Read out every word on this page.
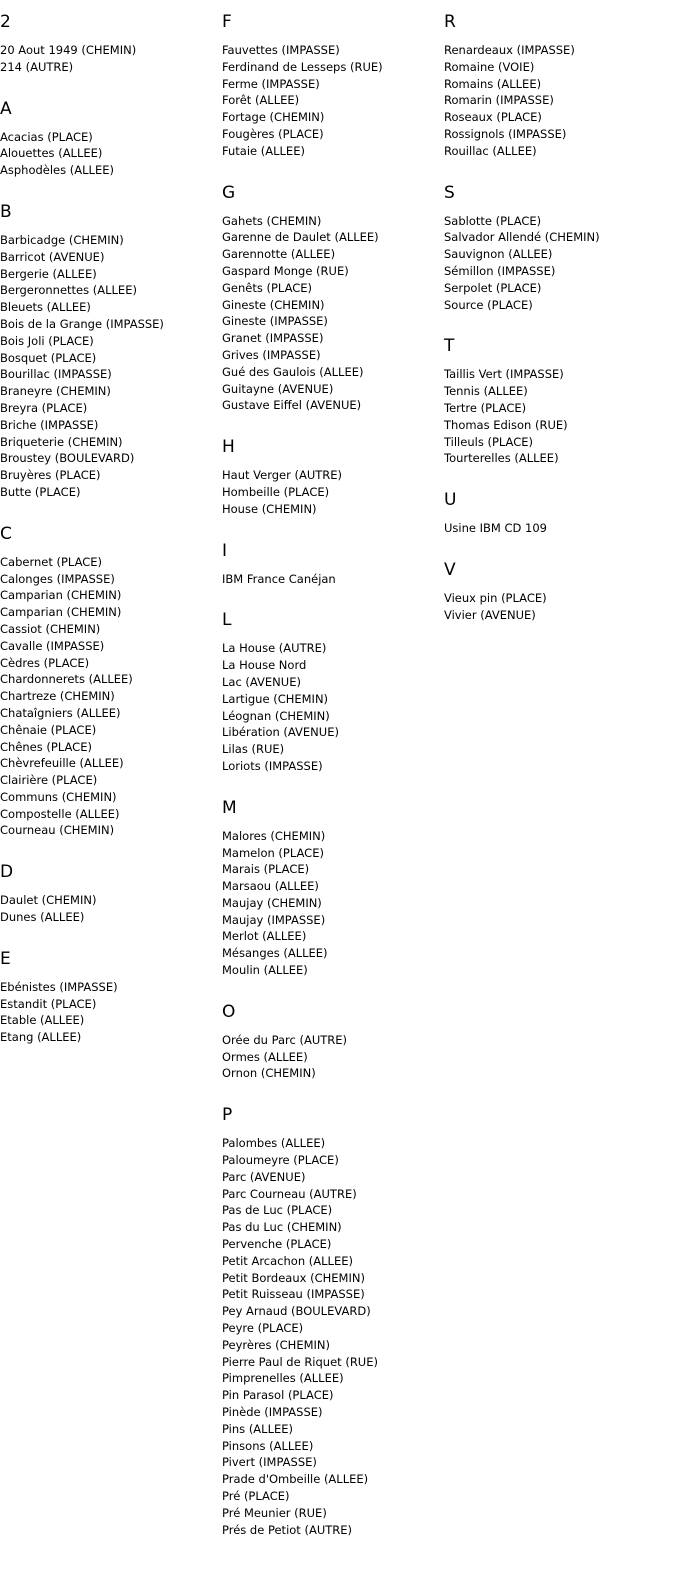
2
20 Aout 1949 (CHEMIN)
214 (AUTRE)
A
Acacias (PLACE)
Alouettes (ALLEE)
Asphodèles (ALLEE)
B
Barbicadge (CHEMIN)
Barricot (AVENUE)
Bergerie (ALLEE)
Bergeronnettes (ALLEE)
Bleuets (ALLEE)
Bois de la Grange (IMPASSE)
Bois Joli (PLACE)
Bosquet (PLACE)
Bourillac (IMPASSE)
Braneyre (CHEMIN)
Breyra (PLACE)
Briche (IMPASSE)
Briqueterie (CHEMIN)
Broustey (BOULEVARD)
Bruyères (PLACE)
Butte (PLACE)
C
Cabernet (PLACE)
Calonges (IMPASSE)
Camparian (CHEMIN)
Camparian (CHEMIN)
Cassiot (CHEMIN)
Cavalle (IMPASSE)
Cèdres (PLACE)
Chardonnerets (ALLEE)
Chartreze (CHEMIN)
Chataîgniers (ALLEE)
Chênaie (PLACE)
Chênes (PLACE)
Chèvrefeuille (ALLEE)
Clairière (PLACE)
Communs (CHEMIN)
Compostelle (ALLEE)
Courneau (CHEMIN)
D
Daulet (CHEMIN)
Dunes (ALLEE)
E
Ebénistes (IMPASSE)
Estandit (PLACE)
Etable (ALLEE)
Etang (ALLEE)
F
Fauvettes (IMPASSE)
Ferdinand de Lesseps (RUE)
Ferme (IMPASSE)
Forêt (ALLEE)
Fortage (CHEMIN)
Fougères (PLACE)
Futaie (ALLEE)
G
Gahets (CHEMIN)
Garenne de Daulet (ALLEE)
Garennotte (ALLEE)
Gaspard Monge (RUE)
Genêts (PLACE)
Gineste (CHEMIN)
Gineste (IMPASSE)
Granet (IMPASSE)
Grives (IMPASSE)
Gué des Gaulois (ALLEE)
Guitayne (AVENUE)
Gustave Eiffel (AVENUE)
H
Haut Verger (AUTRE)
Hombeille (PLACE)
House (CHEMIN)
I
IBM France Canéjan
L
La House (AUTRE)
La House Nord
Lac (AVENUE)
Lartigue (CHEMIN)
Léognan (CHEMIN)
Libération (AVENUE)
Lilas (RUE)
Loriots (IMPASSE)
M
Malores (CHEMIN)
Mamelon (PLACE)
Marais (PLACE)
Marsaou (ALLEE)
Maujay (CHEMIN)
Maujay (IMPASSE)
Merlot (ALLEE)
Mésanges (ALLEE)
Moulin (ALLEE)
O
Orée du Parc (AUTRE)
Ormes (ALLEE)
Ornon (CHEMIN)
P
Palombes (ALLEE)
Paloumeyre (PLACE)
Parc (AVENUE)
Parc Courneau (AUTRE)
Pas de Luc (PLACE)
Pas du Luc (CHEMIN)
Pervenche (PLACE)
Petit Arcachon (ALLEE)
Petit Bordeaux (CHEMIN)
Petit Ruisseau (IMPASSE)
Pey Arnaud (BOULEVARD)
Peyre (PLACE)
Peyrères (CHEMIN)
Pierre Paul de Riquet (RUE)
Pimprenelles (ALLEE)
Pin Parasol (PLACE)
Pinède (IMPASSE)
Pins (ALLEE)
Pinsons (ALLEE)
Pivert (IMPASSE)
Prade d'Ombeille (ALLEE)
Pré (PLACE)
Pré Meunier (RUE)
Prés de Petiot (AUTRE)
R
Renardeaux (IMPASSE)
Romaine (VOIE)
Romains (ALLEE)
Romarin (IMPASSE)
Roseaux (PLACE)
Rossignols (IMPASSE)
Rouillac (ALLEE)
S
Sablotte (PLACE)
Salvador Allendé (CHEMIN)
Sauvignon (ALLEE)
Sémillon (IMPASSE)
Serpolet (PLACE)
Source (PLACE)
T
Taillis Vert (IMPASSE)
Tennis (ALLEE)
Tertre (PLACE)
Thomas Edison (RUE)
Tilleuls (PLACE)
Tourterelles (ALLEE)
U
Usine IBM CD 109
V
Vieux pin (PLACE)
Vivier (AVENUE)
